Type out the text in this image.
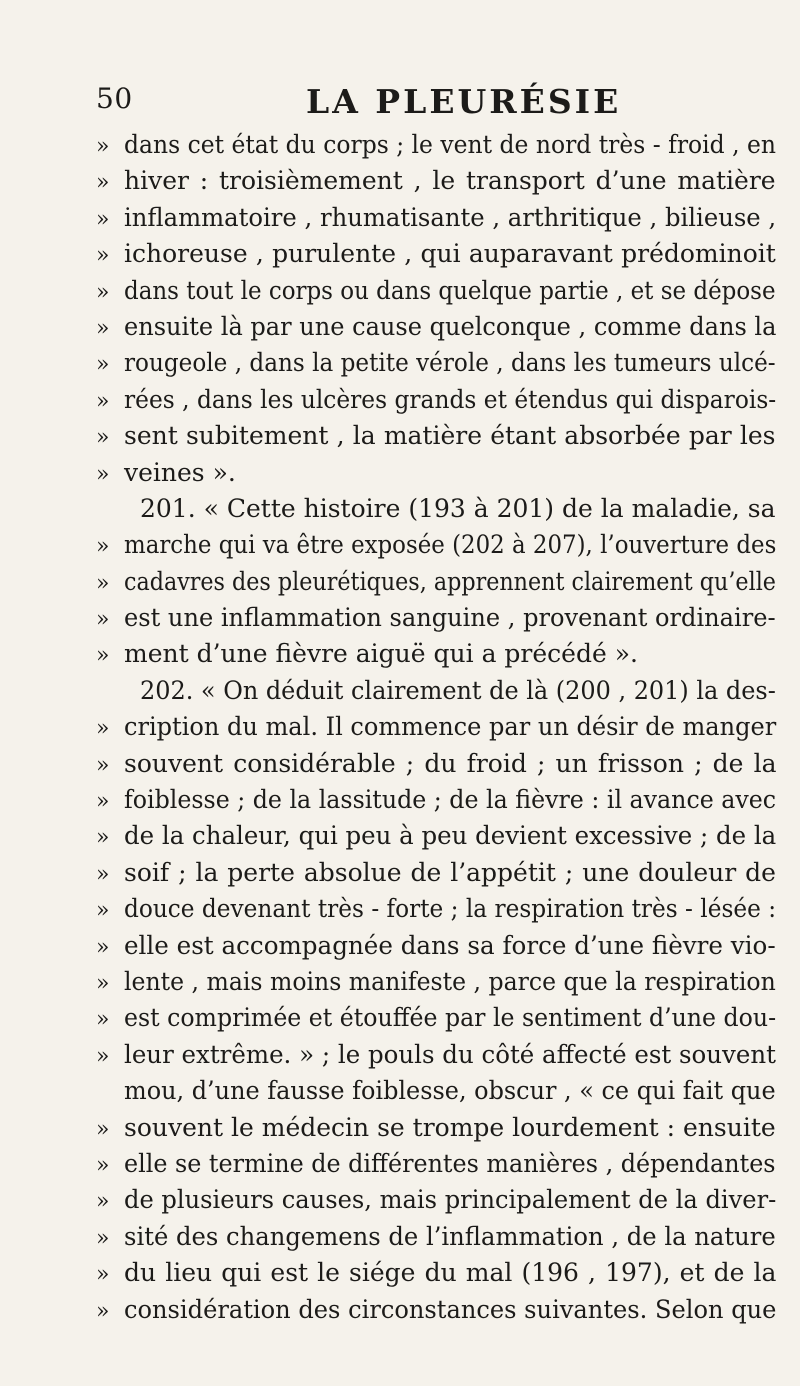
50	LA PLEURÉSIE
» dans cet état du corps ; le vent de nord très - froid , en
» hiver : troisièmement , le transport d’une matière
» inflammatoire , rhumatisante , arthritique , bilieuse ,
» ichoreuse , purulente , qui auparavant prédominoit
» dans tout le corps ou dans quelque partie , et se dépose
» ensuite là par une cause quelconque , comme dans la
» rougeole , dans la petite vérole , dans les tumeurs ulcé-
» rées , dans les ulcères grands et étendus qui disparois-
» sent subitement , la matière étant absorbée par les
» veines ».
201. « Cette histoire (193 à 201) de la maladie, sa
» marche qui va être exposée (202 à 207), l’ouverture des
» cadavres des pleurétiques, apprennent clairement qu’elle
» est une inflammation sanguine , provenant ordinaire-
» ment d’une fièvre aiguë qui a précédé ».
202. « On déduit clairement de là (200 , 201) la des-
» cription du mal. Il commence par un désir de manger
» souvent considérable ; du froid ; un frisson ; de la
» foiblesse ; de la lassitude ; de la fièvre : il avance avec
» de la chaleur, qui peu à peu devient excessive ; de la
» soif ; la perte absolue de l’appétit ; une douleur de
» douce devenant très - forte ; la respiration très - lésée :
» elle est accompagnée dans sa force d’une fièvre vio-
» lente , mais moins manifeste , parce que la respiration
» est comprimée et étouffée par le sentiment d’une dou-
» leur extrême. » ; le pouls du côté affecté est souvent
mou, d’une fausse foiblesse, obscur , « ce qui fait que
» souvent le médecin se trompe lourdement : ensuite
» elle se termine de différentes manières , dépendantes
» de plusieurs causes, mais principalement de la diver-
» sité des changemens de l’inflammation , de la nature
» du lieu qui est le siége du mal (196 , 197), et de la
» considération des circonstances suivantes. Selon que
